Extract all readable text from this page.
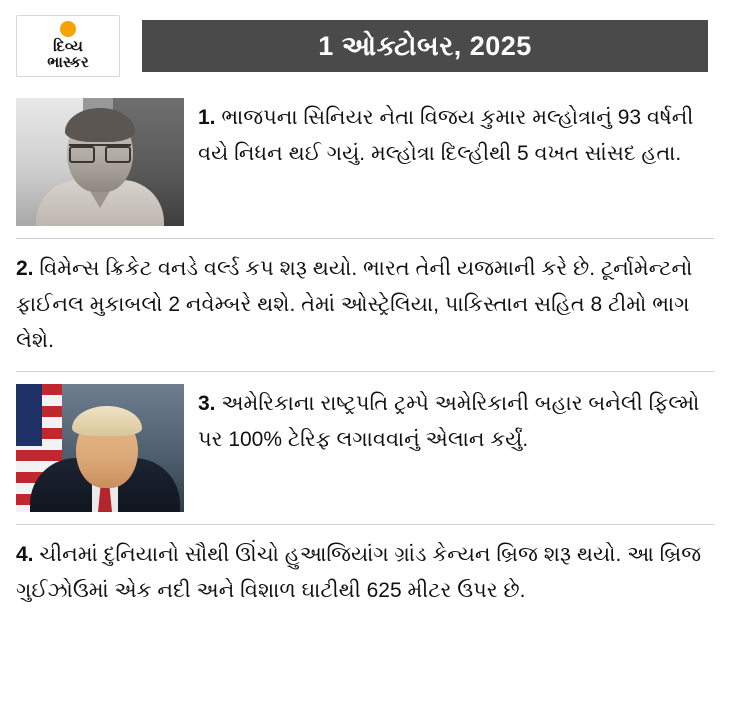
દિવ્ય
ભાસ્કર
1 ઓક્ટોબર, 2025
1. ભાજપના સિનિયર નેતા વિજય કુમાર મલ્હોત્રાનું 93 વર્ષની વયે નિધન થઈ ગયું. મલ્હોત્રા દિલ્હીથી 5 વખત સાંસદ હતા.
2. વિમેન્સ ક્રિકેટ વનડે વર્લ્ડ કપ શરૂ થયો. ભારત તેની યજમાની કરે છે. ટૂર્નામેન્ટનો ફાઈનલ મુકાબલો 2 નવેમ્બરે થશે. તેમાં ઓસ્ટ્રેલિયા, પાકિસ્તાન સહિત 8 ટીમો ભાગ લેશે.
3. અમેરિકાના રાષ્ટ્રપતિ ટ્રમ્પે અમેરિકાની બહાર બનેલી ફિલ્મો પર 100% ટેરિફ લગાવવાનું એલાન કર્યું.
4. ચીનમાં દુનિયાનો સૌથી ઊંચો હુઆજિયાંગ ગ્રાંડ કેન્યન બ્રિજ શરૂ થયો. આ બ્રિજ ગુઈઝોઉમાં એક નદી અને વિશાળ ઘાટીથી 625 મીટર ઉપર છે.
